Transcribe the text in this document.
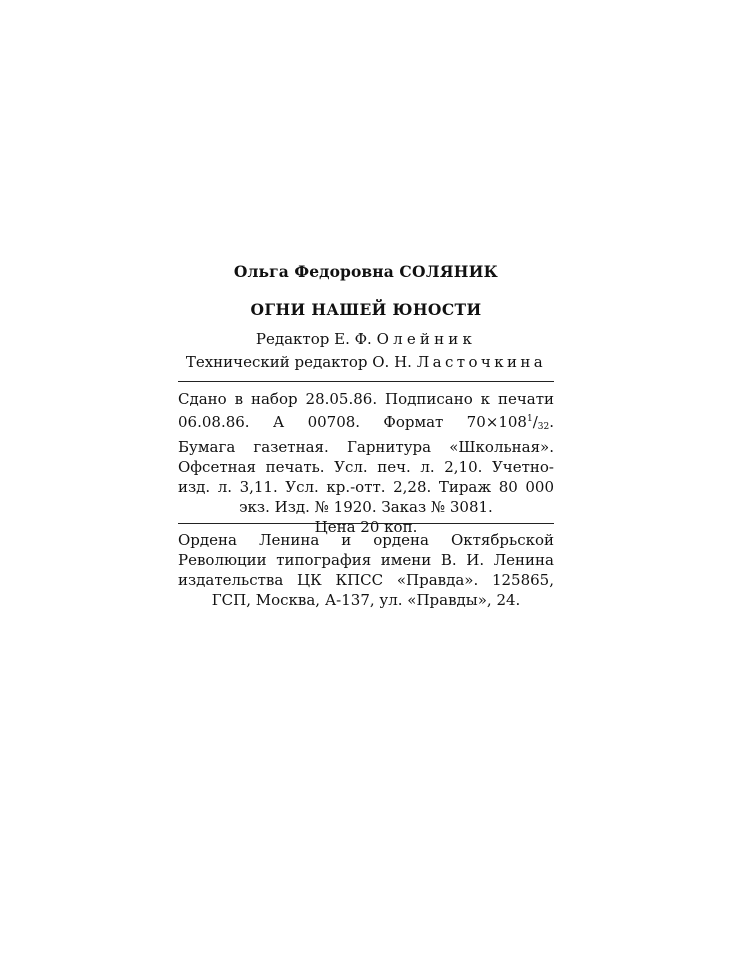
Ольга Федоровна СОЛЯНИК
ОГНИ НАШЕЙ ЮНОСТИ
Редактор Е. Ф. Олейник
Технический редактор О. Н. Ласточкина
Сдано в набор 28.05.86. Подписано к печати
06.08.86. А 00708. Формат $70\times 108^1/_{32}$.
Бумага газетная. Гарнитура «Школьная».
Офсетная печать. Усл. печ. л. 2,10. Учетно-
изд. л. 3,11. Усл. кр.-отт. 2,28. Тираж 80 000
экз. Изд. № 1920. Заказ № 3081.
Цена 20 коп.
Ордена Ленина и ордена Октябрьской
Революции типография имени В. И. Ленина
издательства ЦК КПСС «Правда». 125865,
ГСП, Москва, А-137, ул. «Правды», 24.
